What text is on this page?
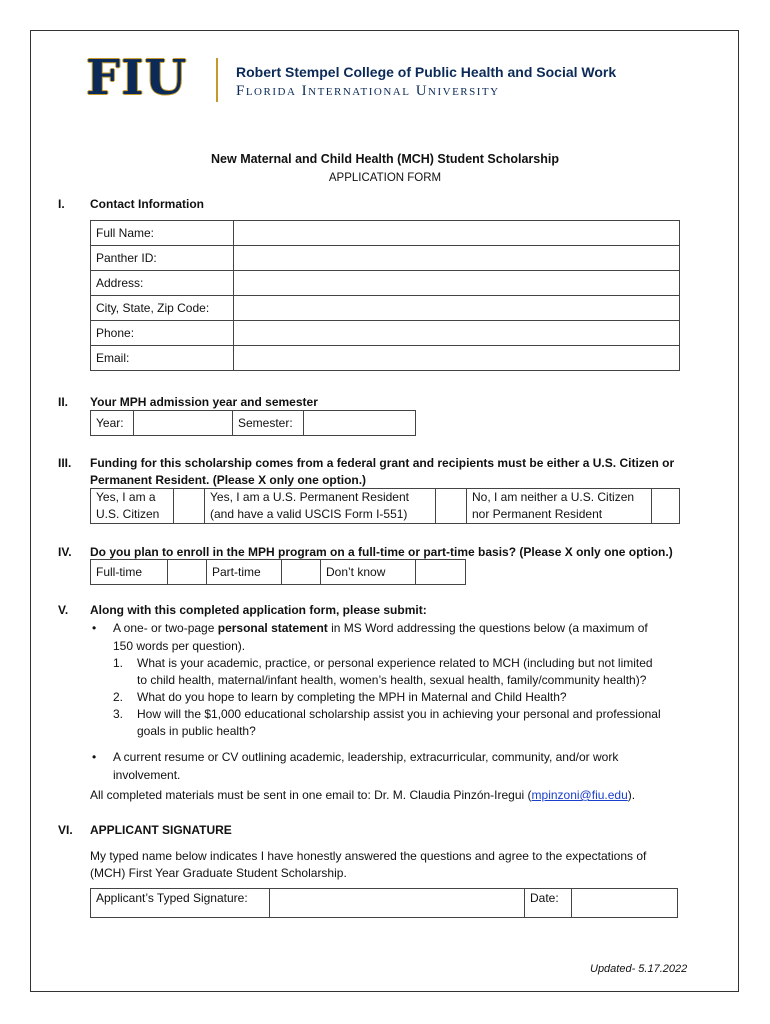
FIU	Robert Stempel College of Public Health and Social Work
Florida International University
New Maternal and Child Health (MCH) Student Scholarship
APPLICATION FORM
I. Contact Information
Full Name:	
Panther ID:	
Address:	
City, State, Zip Code:	
Phone:	
Email:	
II. Your MPH admission year and semester
Year:		Semester:	
III. Funding for this scholarship comes from a federal grant and recipients must be either a U.S. Citizen or
Permanent Resident. (Please X only one option.)
Yes, I am a
U.S. Citizen

Yes, I am a U.S. Permanent Resident
(and have a valid USCIS Form I-551)

No, I am neither a U.S. Citizen
nor Permanent Resident

IV. Do you plan to enroll in the MPH program on a full-time or part-time basis? (Please X only one option.)
Full-time		Part-time		Don’t know	
V. Along with this completed application form, please submit:
• A one- or two-page personal statement in MS Word addressing the questions below (a maximum of
150 words per question).
1. What is your academic, practice, or personal experience related to MCH (including but not limited
to child health, maternal/infant health, women’s health, sexual health, family/community health)?
2. What do you hope to learn by completing the MPH in Maternal and Child Health?
3. How will the $1,000 educational scholarship assist you in achieving your personal and professional
goals in public health?
• A current resume or CV outlining academic, leadership, extracurricular, community, and/or work
involvement.
All completed materials must be sent in one email to: Dr. M. Claudia Pinzón-Iregui (mpinzoni@fiu.edu).
VI. APPLICANT SIGNATURE
My typed name below indicates I have honestly answered the questions and agree to the expectations of
(MCH) First Year Graduate Student Scholarship.
Applicant’s Typed Signature:		Date:	
Updated- 5.17.2022
